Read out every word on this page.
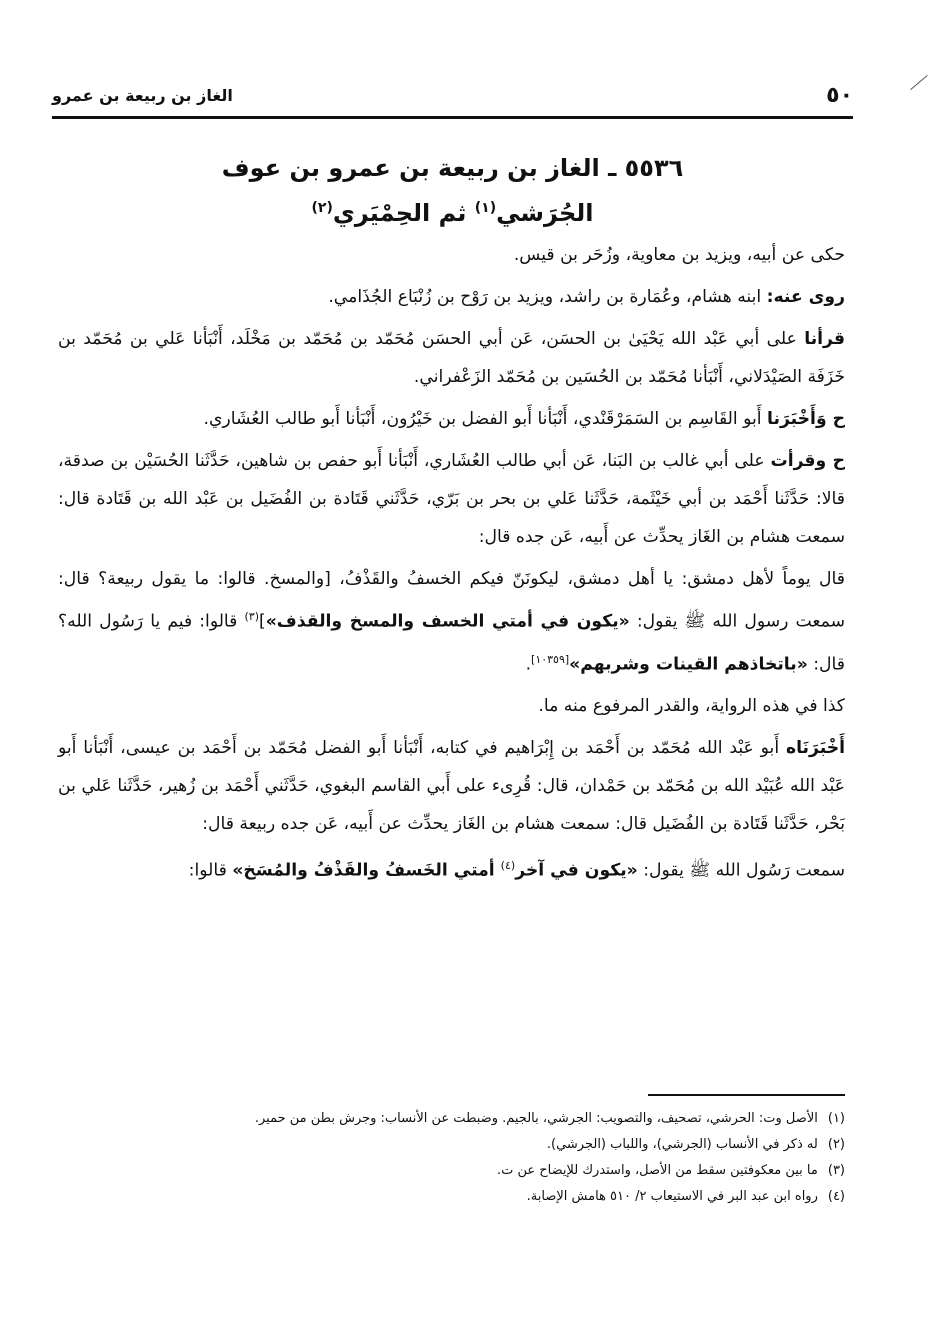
٥٠
الغاز بن ربيعة بن عمرو
٥٥٣٦ ـ الغاز بن ربيعة بن عمرو بن عوف
الجُرَشي$^{(١)}$ ثم الحِمْيَري$^{(٢)}$

حكى عن أبيه، ويزيد بن معاوية، وزُحَر بن قيس.

روى عنه: ابنه هشام، وعُمَارة بن راشد، ويزيد بن رَوْح بن زُنْبَاع الجُذَامي.

قرأنا على أبي عَبْد الله يَحْيَىٰ بن الحسَن، عَن أبي الحسَن مُحَمّد بن مُحَمّد بن مَخْلَد، أَنْبَأنا عَلي بن مُحَمّد بن خَزَفَة الصَيْدَلاني، أَنْبَأنا مُحَمّد بن الحُسَين بن مُحَمّد الزَعْفراني.

ح وَأَخْبَرَنا أَبو القَاسِم بن السَمَرْقَنْدي، أَنْبَأنا أَبو الفضل بن خَيْرُون، أَنْبَأنا أَبو طالب العُشَاري.

ح وقرأت على أبي غالب بن البَنا، عَن أبي طالب العُشَاري، أَنْبَأنا أَبو حفص بن شاهين، حَدَّثَنا الحُسَيْن بن صدقة، قالا: حَدَّثَنا أَحْمَد بن أبي خَيْثَمة، حَدَّثَنا عَلي بن بحر بن بَرّي، حَدَّثَني قَتَادة بن الفُضَيل بن عَبْد الله بن قَتَادة قال: سمعت هشام بن الغَاز يحدِّث عن أَبيه، عَن جده قال:

قال يوماً لأهل دمشق: يا أهل دمشق، ليكونَنّ فيكم الخسفُ والقَذْفُ، [والمسخ. قالوا: ما يقول ربيعة؟ قال: سمعت رسول الله ﷺ يقول: «يكون في أمتي الخسف والمسخ والقذف»]$^{(٣)}$ قالوا: فيم يا رَسُول الله؟ قال: «باتخاذهم القينات وشربهم»[١٠٣٥٩].

كذا في هذه الرواية، والقدر المرفوع منه ما.

أَخْبَرَنَاه أَبو عَبْد الله مُحَمّد بن أَحْمَد بن إِبْرَاهيم في كتابه، أَنْبَأنا أَبو الفضل مُحَمّد بن أَحْمَد بن عيسى، أَنْبَأنا أَبو عَبْد الله عُبَيْد الله بن مُحَمّد بن حَمْدان، قال: قُرِىء على أَبي القاسم البغوي، حَدَّثَني أَحْمَد بن زُهير، حَدَّثَنا عَلي بن بَحْر، حَدَّثَنا قَتَادة بن الفُضَيل قال: سمعت هشام بن الغَاز يحدِّث عن أَبيه، عَن جده ربيعة قال:

سمعت رَسُول الله ﷺ يقول: «يكون في آخر$^{(٤)}$ أمتي الخَسفُ والقَذْفُ والمُسَخ» قالوا:

(١)
الأصل وت: الحرشي، تصحيف، والتصويب: الجرشي، بالجيم. وضبطت عن الأنساب: وجرش بطن من حمير.
(٢)
له ذكر في الأنساب (الجرشي)، واللباب (الجرشي).
(٣)
ما بين معكوفتين سقط من الأصل، واستدرك للإيضاح عن ت.
(٤)
رواه ابن عبد البر في الاستيعاب ٢/ ٥١٠ هامش الإصابة.
